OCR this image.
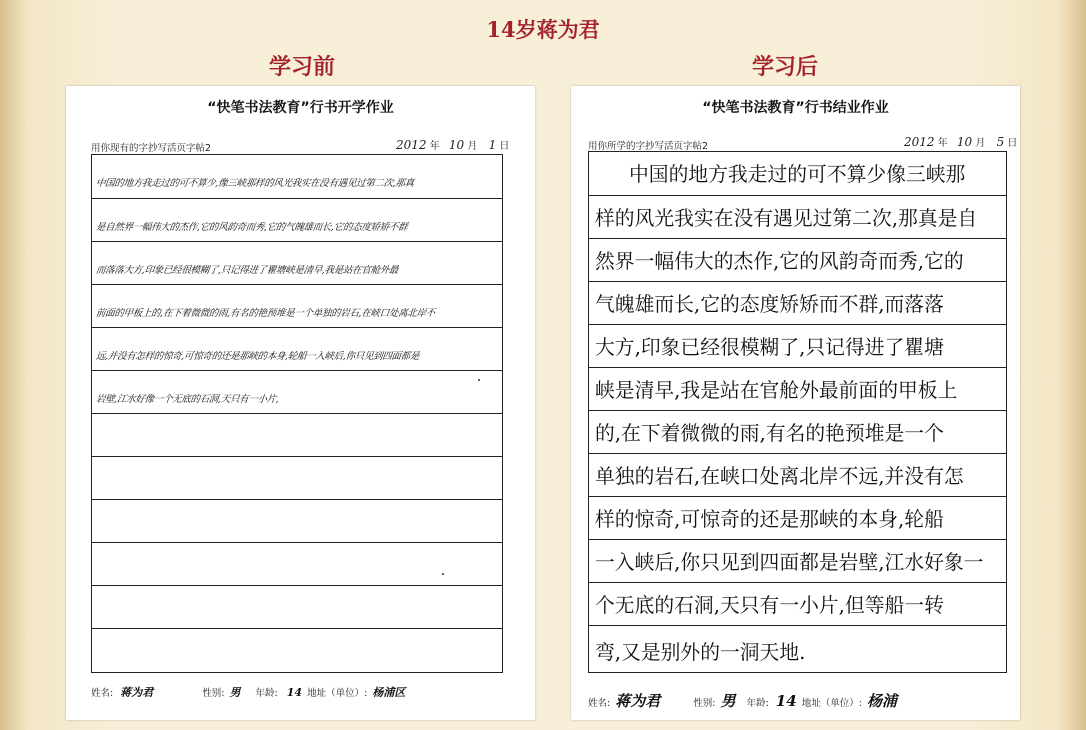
14岁蒋为君
学习前	学习后
“快笔书法教育”行书开学作业
用你现有的字抄写活页字帖2	2012 年 10 月 1 日
中国的地方我走过的可不算少,像三峡那样的风光我实在没有遇见过第二次,那真
是自然界一幅伟大的杰作,它的风韵奇而秀,它的气魄雄而长,它的态度矫矫不群
而落落大方,印象已经很模糊了,只记得进了瞿塘峡是清早,我是站在官舱外最
前面的甲板上的,在下着微微的雨,有名的艳预堆是一个单独的岩石,在峡口处离北岸不
远,并没有怎样的惊奇,可惊奇的还是那峡的本身,轮船一入峡后,你只见到四面都是
岩壁,江水好像一个无底的石洞,天只有一小片,
姓名: 蒋为君	性别: 男 年龄: 14 地址（单位）: 杨浦区
“快笔书法教育”行书结业作业
用你所学的字抄写活页字帖2	2012 年 10 月 5 日
中国的地方我走过的可不算少像三峡那
样的风光我实在没有遇见过第二次,那真是自
然界一幅伟大的杰作,它的风韵奇而秀,它的
气魄雄而长,它的态度矫矫而不群,而落落
大方,印象已经很模糊了,只记得进了瞿塘
峡是清早,我是站在官舱外最前面的甲板上
的,在下着微微的雨,有名的艳预堆是一个
单独的岩石,在峡口处离北岸不远,并没有怎
样的惊奇,可惊奇的还是那峡的本身,轮船
一入峡后,你只见到四面都是岩壁,江水好象一
个无底的石洞,天只有一小片,但等船一转
弯,又是别外的一洞天地.
姓名: 蒋为君	性别: 男 年龄: 14 地址（单位）: 杨浦
